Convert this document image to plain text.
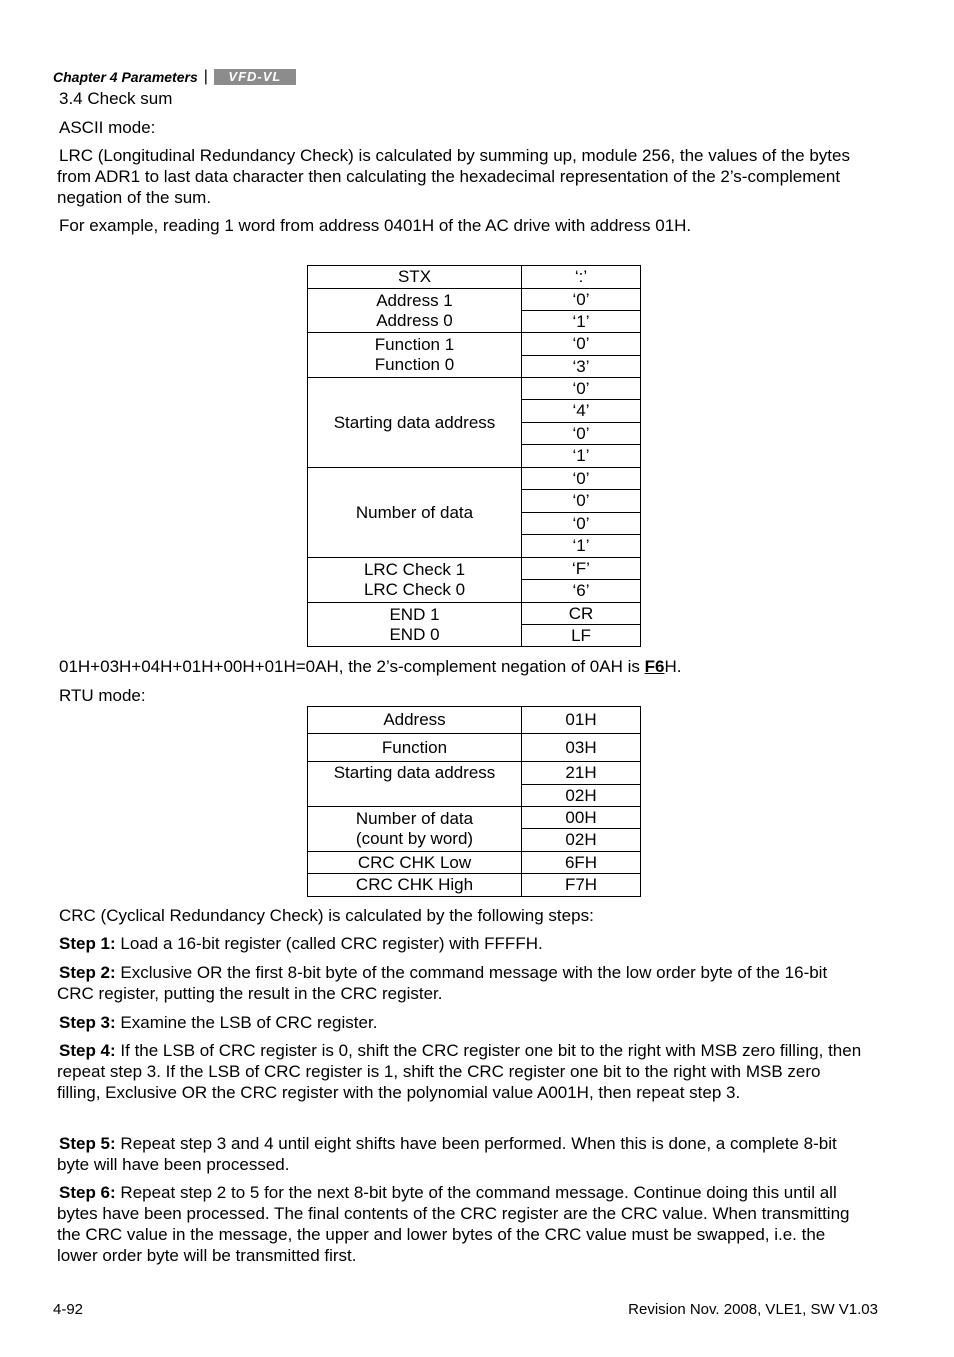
Chapter 4 Parameters |	VFD-VL
3.4 Check sum
ASCII mode:
LRC (Longitudinal Redundancy Check) is calculated by summing up, module 256, the values of the bytes from ADR1 to last data character then calculating the hexadecimal representation of the 2’s-complement negation of the sum.
For example, reading 1 word from address 0401H of the AC drive with address 01H.
STX	‘:’

Address 1
Address 0	‘0’
	‘1’

Function 1
Function 0	‘0’
	‘3’
Starting data address	‘0’
	‘4’
	‘0’
	‘1’
Number of data	‘0’
	‘0’
	‘0’
	‘1’

LRC Check 1
LRC Check 0	‘F’
	‘6’

END 1
END 0	CR
	LF
01H+03H+04H+01H+00H+01H=0AH, the 2’s-complement negation of 0AH is F6H.
RTU mode:
Address	01H
Function	03H
Starting data address	21H
	02H

Number of data
(count by word)	00H
	02H
CRC CHK Low	6FH
CRC CHK High	F7H
CRC (Cyclical Redundancy Check) is calculated by the following steps:
Step 1: Load a 16-bit register (called CRC register) with FFFFH.
Step 2: Exclusive OR the first 8-bit byte of the command message with the low order byte of the 16-bit CRC register, putting the result in the CRC register.
Step 3: Examine the LSB of CRC register.
Step 4: If the LSB of CRC register is 0, shift the CRC register one bit to the right with MSB zero filling, then repeat step 3. If the LSB of CRC register is 1, shift the CRC register one bit to the right with MSB zero filling, Exclusive OR the CRC register with the polynomial value A001H, then repeat step 3.
Step 5: Repeat step 3 and 4 until eight shifts have been performed. When this is done, a complete 8-bit byte will have been processed.
Step 6: Repeat step 2 to 5 for the next 8-bit byte of the command message. Continue doing this until all bytes have been processed. The final contents of the CRC register are the CRC value. When transmitting the CRC value in the message, the upper and lower bytes of the CRC value must be swapped, i.e. the lower order byte will be transmitted first.
4-92	Revision Nov. 2008, VLE1, SW V1.03
